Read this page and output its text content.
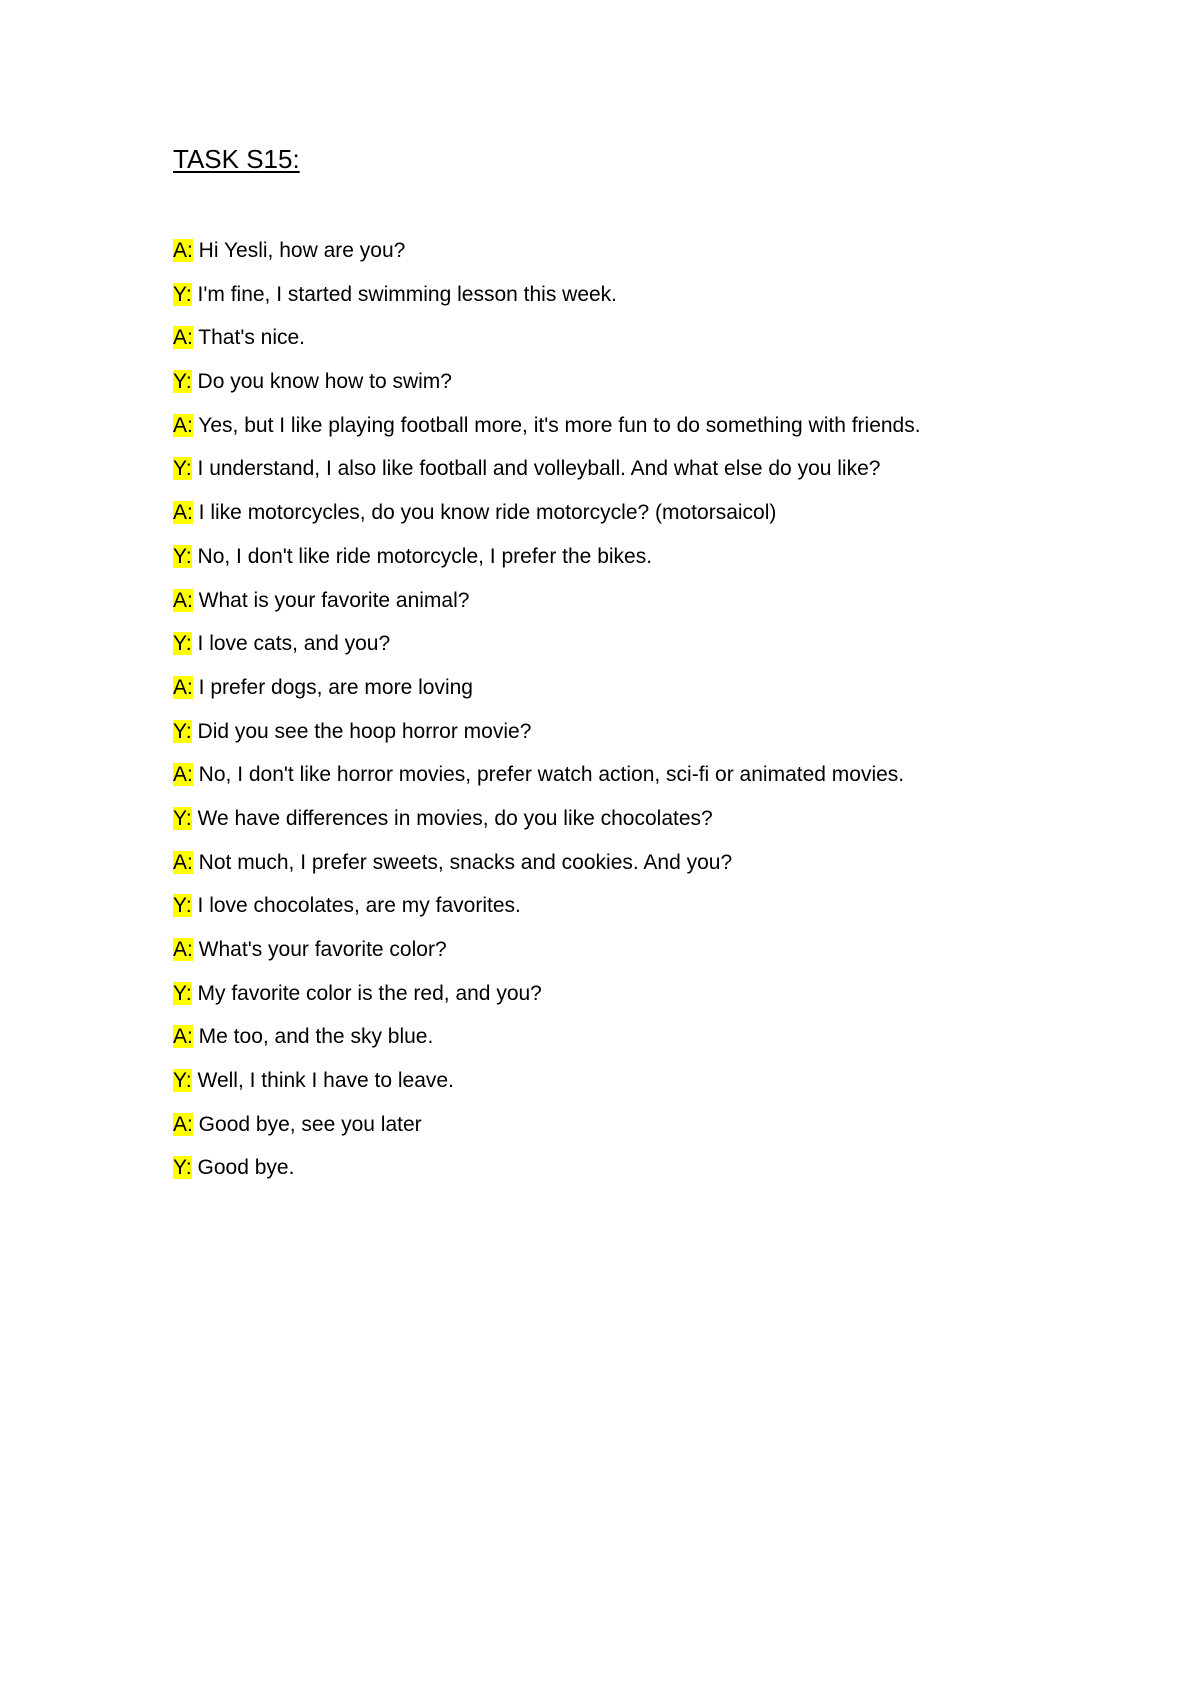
TASK S15:
A: Hi Yesli, how are you?
Y: I'm fine, I started swimming lesson this week.
A: That's nice.
Y: Do you know how to swim?
A: Yes, but I like playing football more, it's more fun to do something with friends.
Y: I understand, I also like football and volleyball. And what else do you like?
A: I like motorcycles, do you know ride motorcycle? (motorsaicol)
Y: No, I don't like ride motorcycle, I prefer the bikes.
A: What is your favorite animal?
Y: I love cats, and you?
A: I prefer dogs, are more loving
Y: Did you see the hoop horror movie?
A: No, I don't like horror movies, prefer watch action, sci-fi or animated movies.
Y: We have differences in movies, do you like chocolates?
A: Not much, I prefer sweets, snacks and cookies. And you?
Y: I love chocolates, are my favorites.
A: What's your favorite color?
Y: My favorite color is the red, and you?
A: Me too, and the sky blue.
Y: Well, I think I have to leave.
A: Good bye, see you later
Y: Good bye.
